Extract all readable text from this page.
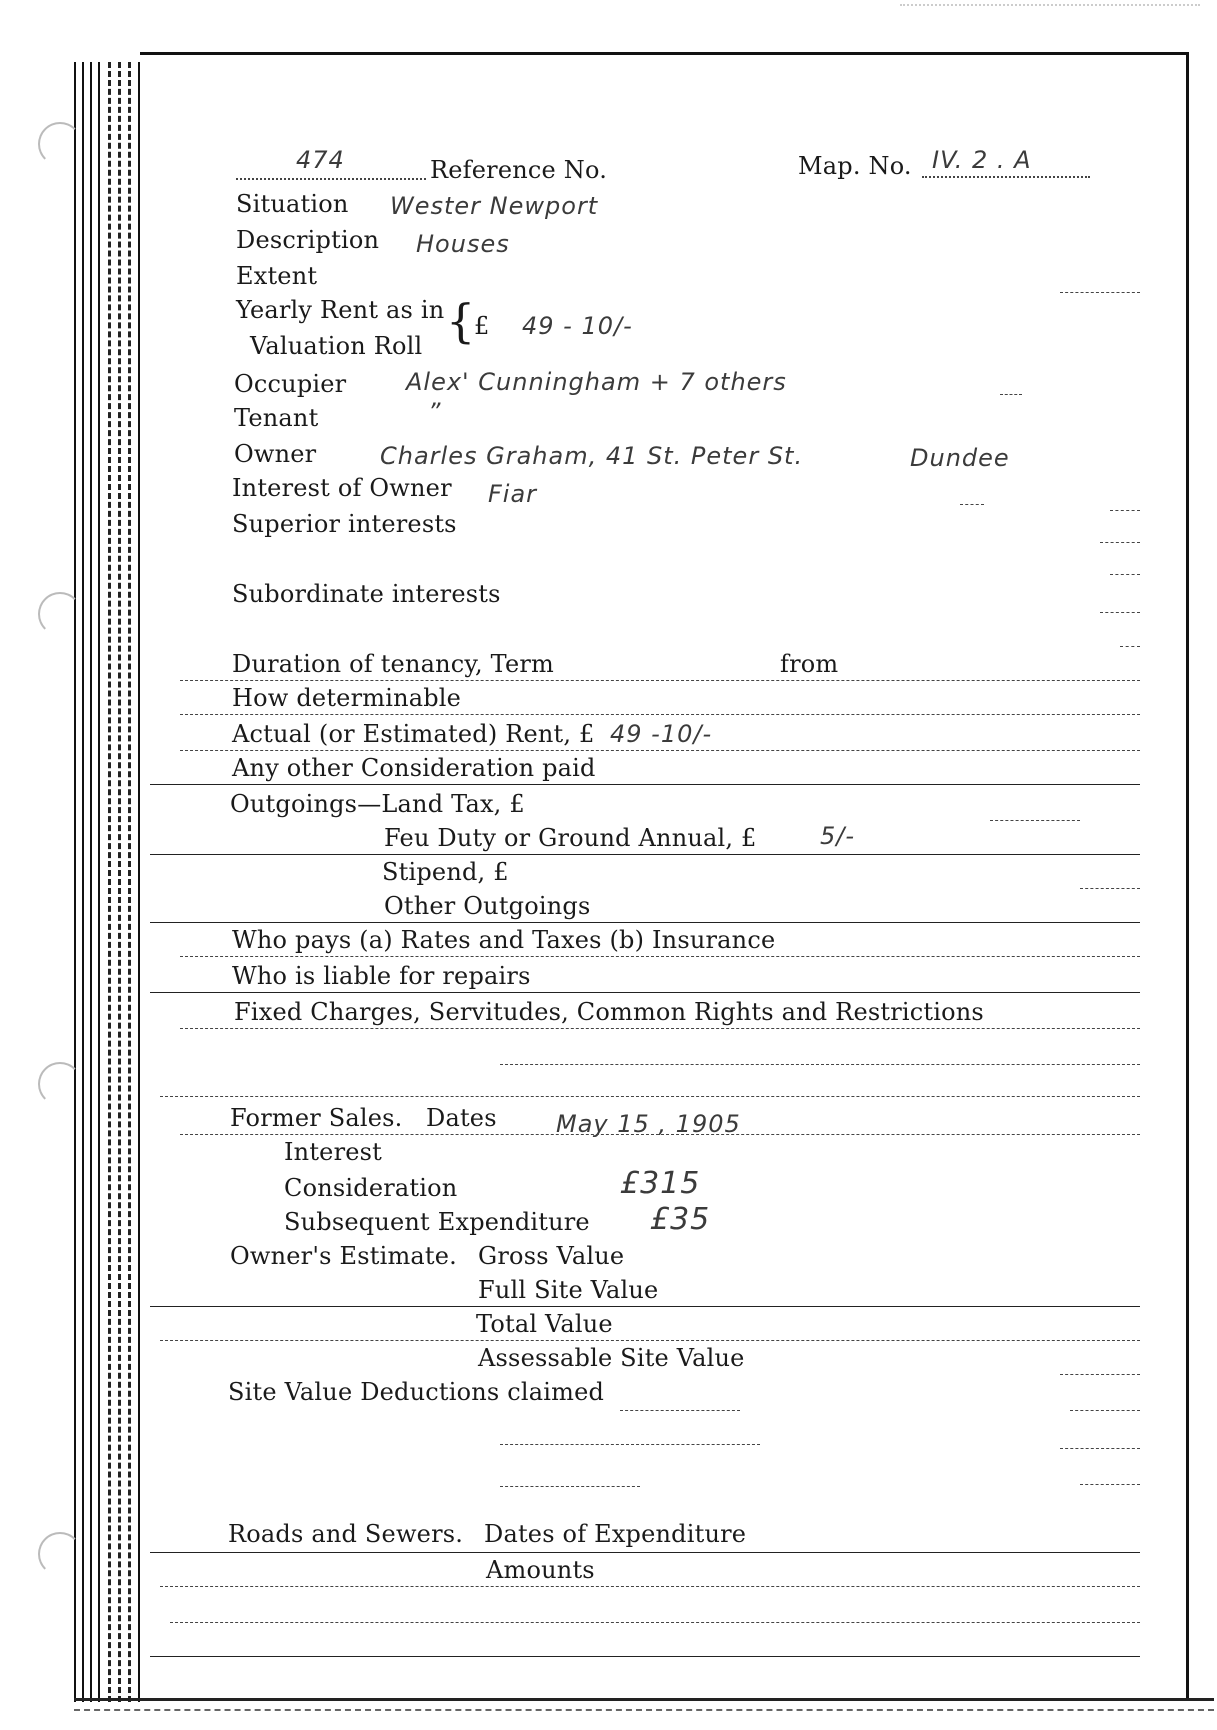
474	Reference No.	Map. No. IV. 2 . A
Situation Wester Newport
Description Houses
Extent
Yearly Rent as in
Valuation Roll {
£ 49 - 10/-
Occupier Alex' Cunningham + 7 others
Tenant	”
Owner	Charles Graham, 41 St. Peter St.	Dundee
Interest of Owner Fiar
Superior interests
Subordinate interests
Duration of tenancy, Term	from
How determinable
Actual (or Estimated) Rent, £ 49 -10/-
Any other Consideration paid
Outgoings—Land Tax, £
Feu Duty or Ground Annual, £	5/-
Stipend, £
Other Outgoings
Who pays (a) Rates and Taxes (b) Insurance
Who is liable for repairs
Fixed Charges, Servitudes, Common Rights and Restrictions
Former Sales. Dates May 15 , 1905
Interest
Consideration	£315
Subsequent Expenditure £35
Owner's Estimate. Gross Value
Full Site Value
Total Value
Assessable Site Value
Site Value Deductions claimed
Roads and Sewers. Dates of Expenditure
Amounts
